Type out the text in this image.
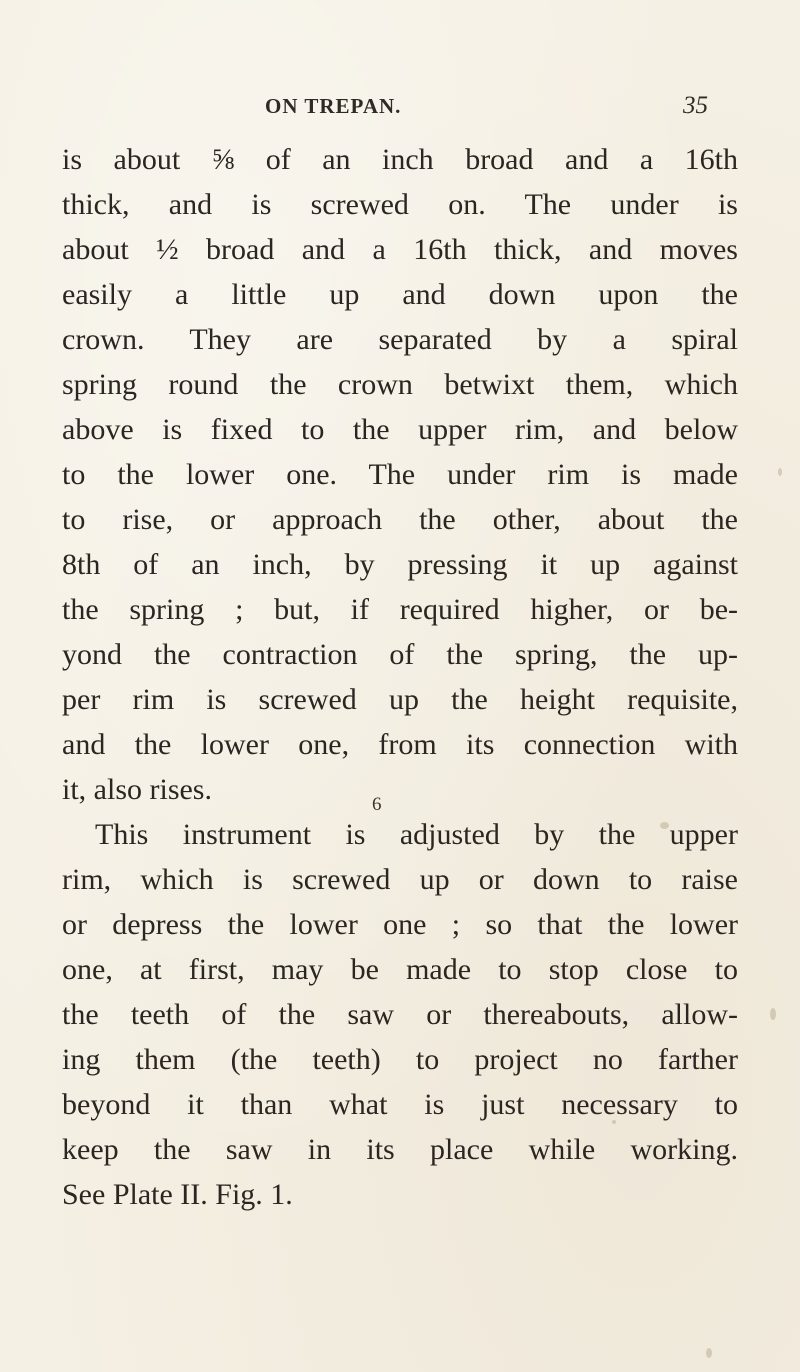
ON TREPAN.	35
is about ⅝ of an inch broad and a 16th
thick, and is screwed on. The under is
about ½ broad and a 16th thick, and moves
easily a little up and down upon the
crown. They are separated by a spiral
spring round the crown betwixt them, which
above is fixed to the upper rim, and below
to the lower one. The under rim is made
to rise, or approach the other, about the
8th of an inch, by pressing it up against
the spring ; but, if required higher, or be-
yond the contraction of the spring, the up-
per rim is screwed up the height requisite,
and the lower one, from its connection with
it, also rises.
This instrument is adjusted by the upper
rim, which is screwed up or down to raise
or depress the lower one ; so that the lower
one, at first, may be made to stop close to
the teeth of the saw or thereabouts, allow-
ing them (the teeth) to project no farther
beyond it than what is just necessary to
keep the saw in its place while working.
See Plate II. Fig. 1.
6
